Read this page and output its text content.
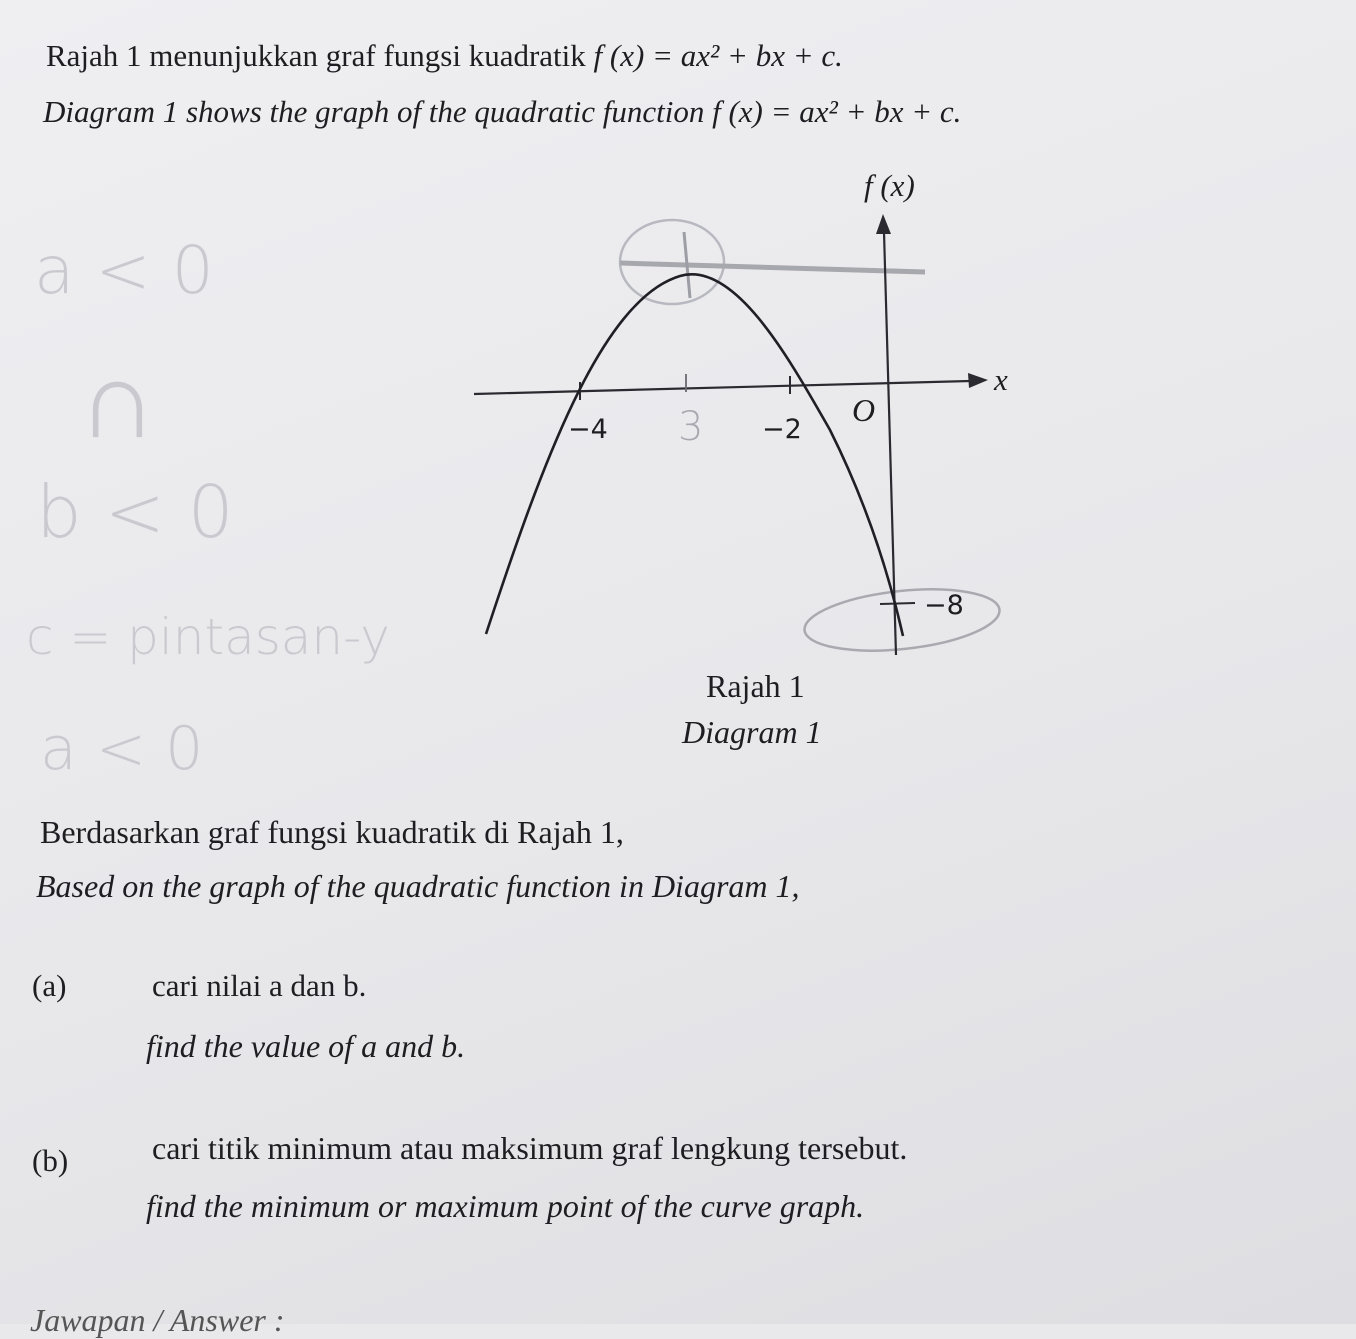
Rajah 1 menunjukkan graf fungsi kuadratik f (x) = ax² + bx + c.
Diagram 1 shows the graph of the quadratic function f (x) = ax² + bx + c.
a < 0
∩
b < 0
c = pintasan-y
a < 0
f (x)
x
O
−4	−2
−8
3
Rajah 1
Diagram 1
Berdasarkan graf fungsi kuadratik di Rajah 1,
Based on the graph of the quadratic function in Diagram 1,
(a)	cari nilai a dan b.
find the value of a and b.
(b)	cari titik minimum atau maksimum graf lengkung tersebut.
find the minimum or maximum point of the curve graph.
Jawapan / Answer :
